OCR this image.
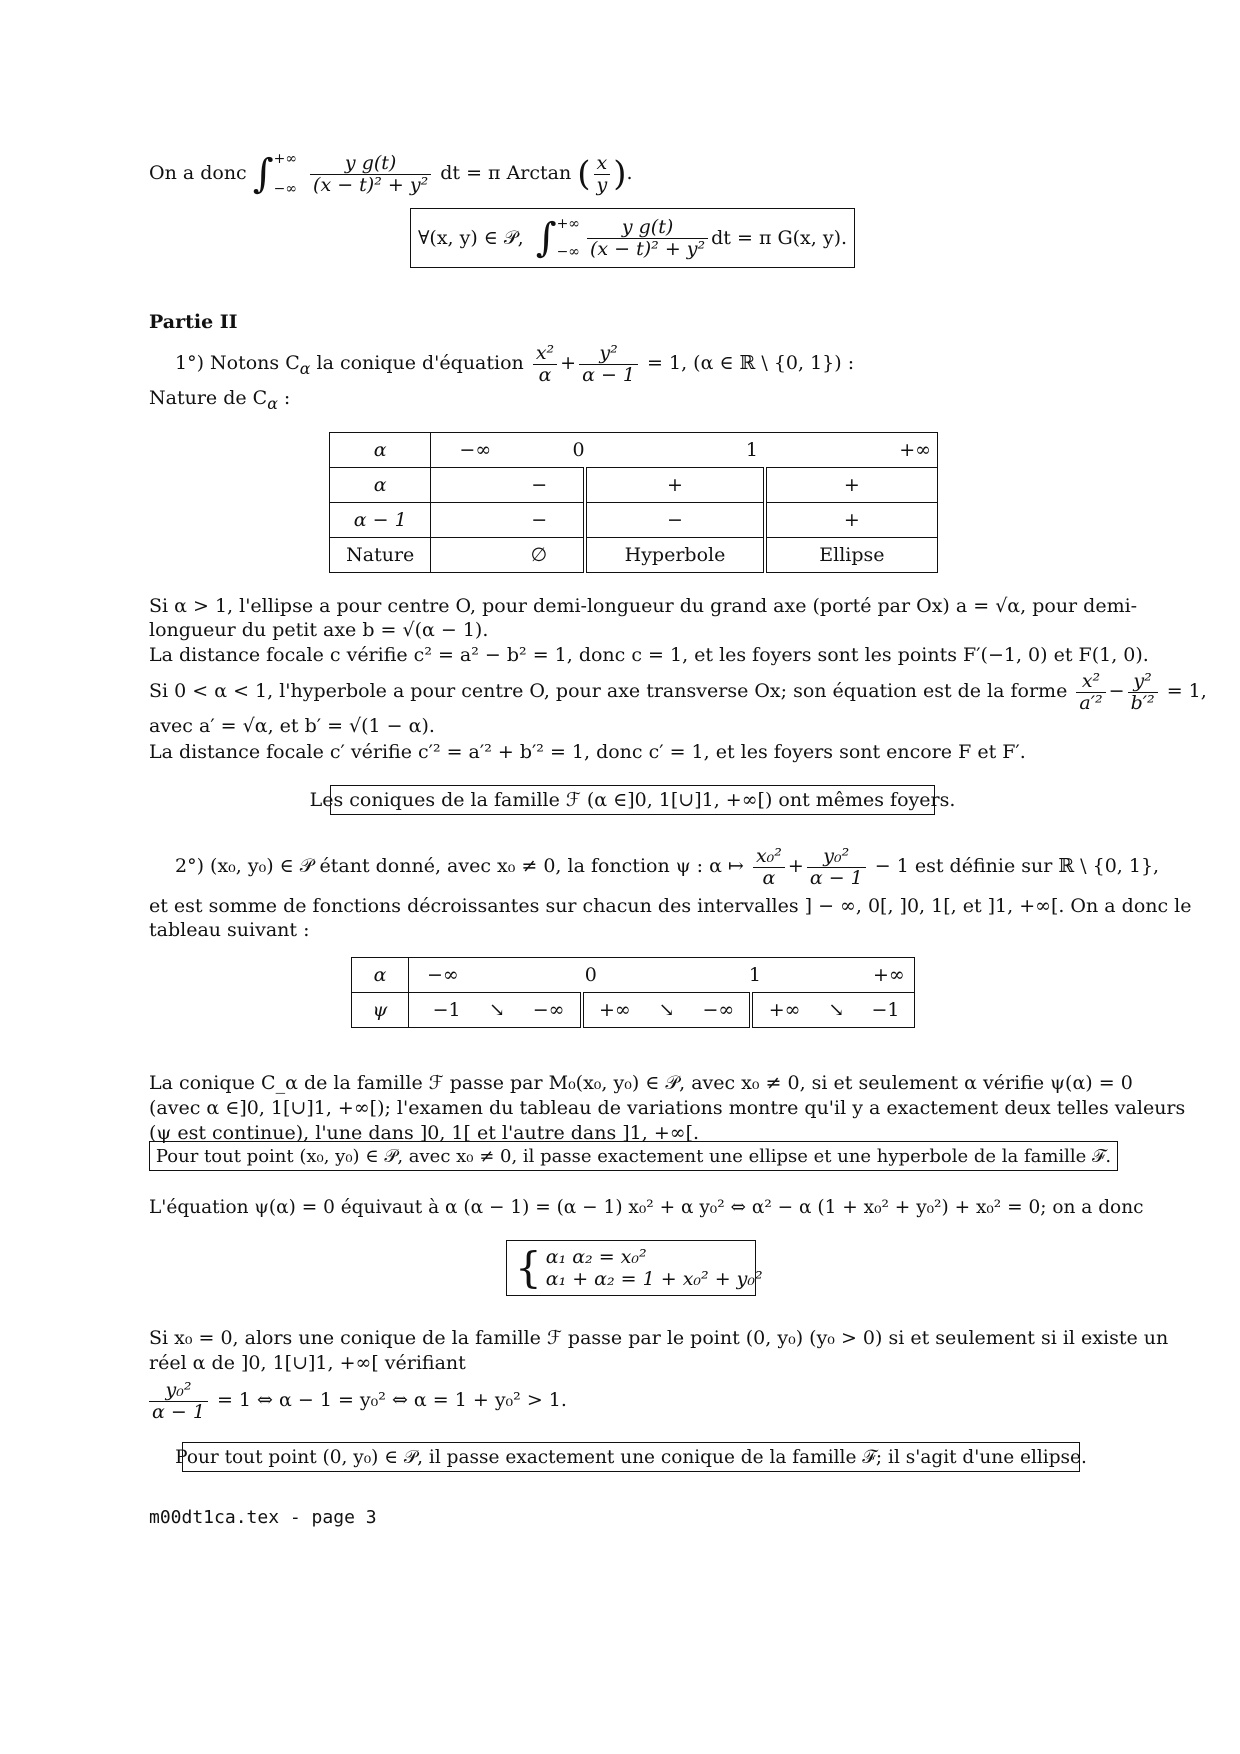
On a donc ∫ +∞
−∞
$\frac{\text{y g(t)}}{\text{(x − t)² + y²}}$ dt = π Arctan ( $\frac{x}{y}$ ).
∀(x, y) ∈ 𝒫,
∫ +∞
−∞ $\frac{\text{y g(t)}}{\text{(x − t)² + y²}}$ dt = π G(x, y).
Partie II
1°) Notons $C_\alpha$ la conique d'équation $\frac{\text{x²}}{\alpha} + \frac{\text{y²}}{\alpha - 1} = 1$, (α ∈ ℝ \ {0, 1}) :
Nature de $C_\alpha$ :
α	−∞ 0 1 +∞		

α	−	+	+
α − 1	−	−	+
Nature	∅	Hyperbole	Ellipse
Si α > 1, l'ellipse a pour centre O, pour demi-longueur du grand axe (porté par Ox) a = √α, pour demi-
longueur du petit axe b = √(α − 1).
La distance focale c vérifie c² = a² − b² = 1, donc c = 1, et les foyers sont les points F′(−1, 0) et F(1, 0).
Si 0 < α < 1, l'hyperbole a pour centre O, pour axe transverse Ox; son équation est de la forme $\frac{\text{x²}}{\text{a′²}} - \frac{\text{y²}}{\text{b′²}} = 1$,
avec a′ = √α, et b′ = √(1 − α).
La distance focale c′ vérifie c′² = a′² + b′² = 1, donc c′ = 1, et les foyers sont encore F et F′.
Les coniques de la famille ℱ (α ∈]0, 1[∪]1, +∞[) ont mêmes foyers.
2°) (x₀, y₀) ∈ 𝒫 étant donné, avec x₀ ≠ 0, la fonction ψ : α ↦ $\frac{\text{x₀²}}{\alpha} + \frac{\text{y₀²}}{\alpha - 1} - 1$ est définie sur ℝ \ {0, 1},
et est somme de fonctions décroissantes sur chacun des intervalles ] − ∞, 0[, ]0, 1[, et ]1, +∞[. On a donc le
tableau suivant :
α	−∞ 0 1 +∞								

ψ	−1	↘	−∞	+∞	↘	−∞	+∞	↘	−1
La conique C_α de la famille ℱ passe par M₀(x₀, y₀) ∈ 𝒫, avec x₀ ≠ 0, si et seulement α vérifie ψ(α) = 0
(avec α ∈]0, 1[∪]1, +∞[); l'examen du tableau de variations montre qu'il y a exactement deux telles valeurs
(ψ est continue), l'une dans ]0, 1[ et l'autre dans ]1, +∞[.
Pour tout point (x₀, y₀) ∈ 𝒫, avec x₀ ≠ 0, il passe exactement une ellipse et une hyperbole de la famille ℱ.
L'équation ψ(α) = 0 équivaut à α (α − 1) = (α − 1) x₀² + α y₀² ⇔ α² − α (1 + x₀² + y₀²) + x₀² = 0; on a donc
{ α₁ α₂ = x₀²
α₁ + α₂ = 1 + x₀² + y₀²
Si x₀ = 0, alors une conique de la famille ℱ passe par le point (0, y₀) (y₀ > 0) si et seulement si il existe un
réel α de ]0, 1[∪]1, +∞[ vérifiant
$\frac{\text{y₀²}}{\alpha - 1} = 1$ ⇔ α − 1 = y₀² ⇔ α = 1 + y₀² > 1.
Pour tout point (0, y₀) ∈ 𝒫, il passe exactement une conique de la famille ℱ; il s'agit d'une ellipse.
m00dt1ca.tex - page 3
